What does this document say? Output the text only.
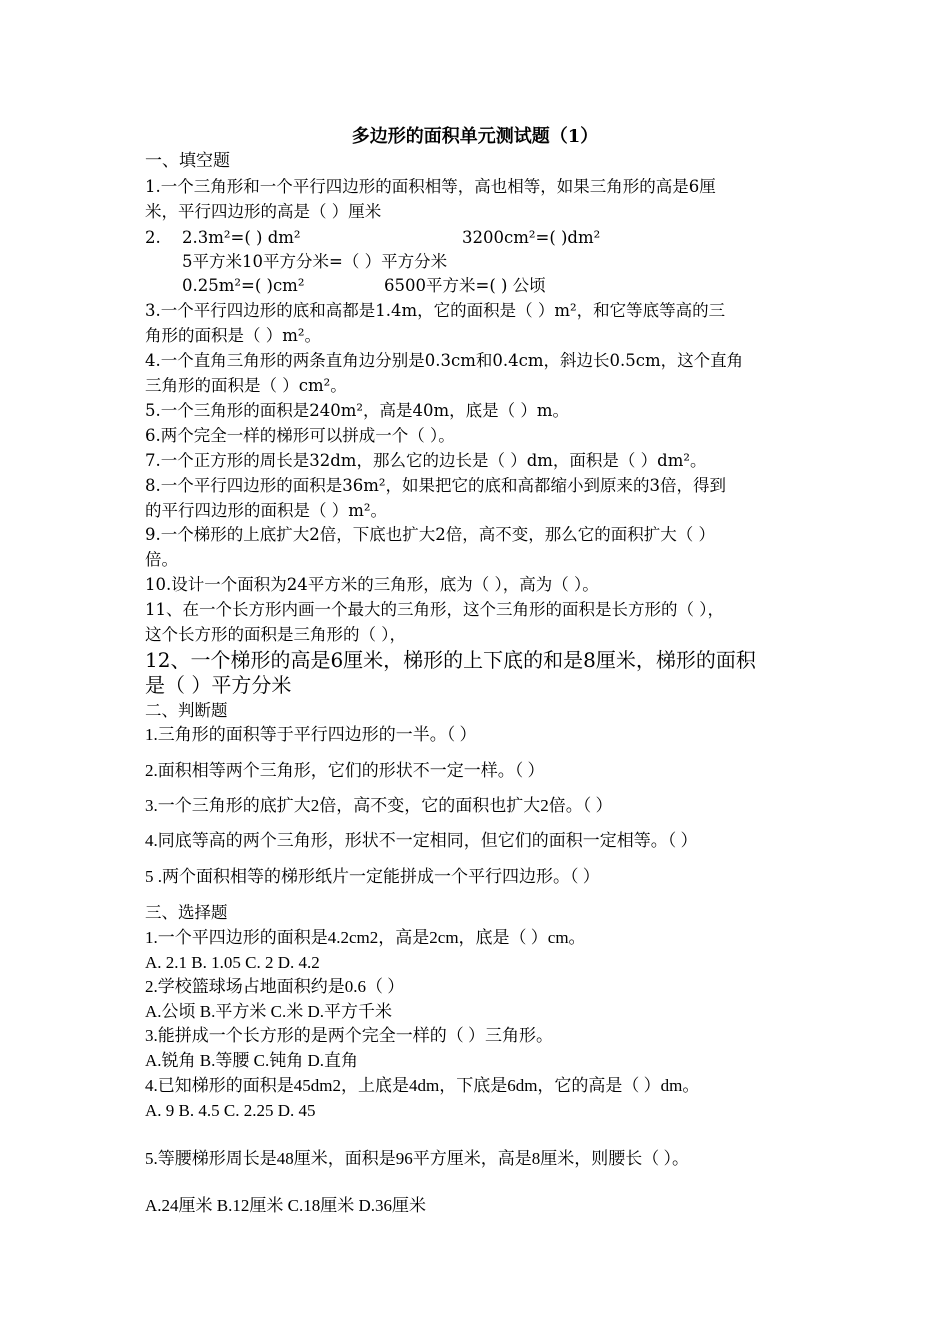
多边形的面积单元测试题（1）
一、填空题
1.一个三角形和一个平行四边形的面积相等，高也相等，如果三角形的高是6厘
米，平行四边形的高是（ ）厘米
2. 2.3m²=( ) dm²	3200cm²=( )dm²
5平方米10平方分米=（ ）平方分米
0.25m²=( )cm²	6500平方米=( ) 公顷
3.一个平行四边形的底和高都是1.4m，它的面积是（ ）m²，和它等底等高的三
角形的面积是（ ）m²。
4.一个直角三角形的两条直角边分别是0.3cm和0.4cm，斜边长0.5cm，这个直角
三角形的面积是（ ）cm²。
5.一个三角形的面积是240m²，高是40m，底是（ ）m。
6.两个完全一样的梯形可以拼成一个（ ）。
7.一个正方形的周长是32dm，那么它的边长是（ ）dm，面积是（ ）dm²。
8.一个平行四边形的面积是36m²，如果把它的底和高都缩小到原来的3倍，得到
的平行四边形的面积是（ ）m²。
9.一个梯形的上底扩大2倍，下底也扩大2倍，高不变，那么它的面积扩大（ ）
倍。
10.设计一个面积为24平方米的三角形，底为（ ），高为（ ）。
11、在一个长方形内画一个最大的三角形，这个三角形的面积是长方形的（ ），
这个长方形的面积是三角形的（ ），
12、一个梯形的高是6厘米，梯形的上下底的和是8厘米，梯形的面积
是（ ）平方分米
二、判断题
1.三角形的面积等于平行四边形的一半。（ ）
2.面积相等两个三角形，它们的形状不一定一样。（ ）
3.一个三角形的底扩大2倍，高不变，它的面积也扩大2倍。（ ）
4.同底等高的两个三角形，形状不一定相同，但它们的面积一定相等。（ ）
5 .两个面积相等的梯形纸片一定能拼成一个平行四边形。（ ）
三、选择题
1.一个平四边形的面积是4.2cm2，高是2cm，底是（ ）cm。
A. 2.1 B. 1.05 C. 2 D. 4.2
2.学校篮球场占地面积约是0.6（ ）
A.公顷 B.平方米 C.米 D.平方千米
3.能拼成一个长方形的是两个完全一样的（ ）三角形。
A.锐角 B.等腰 C.钝角 D.直角
4.已知梯形的面积是45dm2，上底是4dm，下底是6dm，它的高是（ ）dm。
A. 9 B. 4.5 C. 2.25 D. 45
5.等腰梯形周长是48厘米，面积是96平方厘米，高是8厘米，则腰长（ ）。
A.24厘米 B.12厘米 C.18厘米 D.36厘米
